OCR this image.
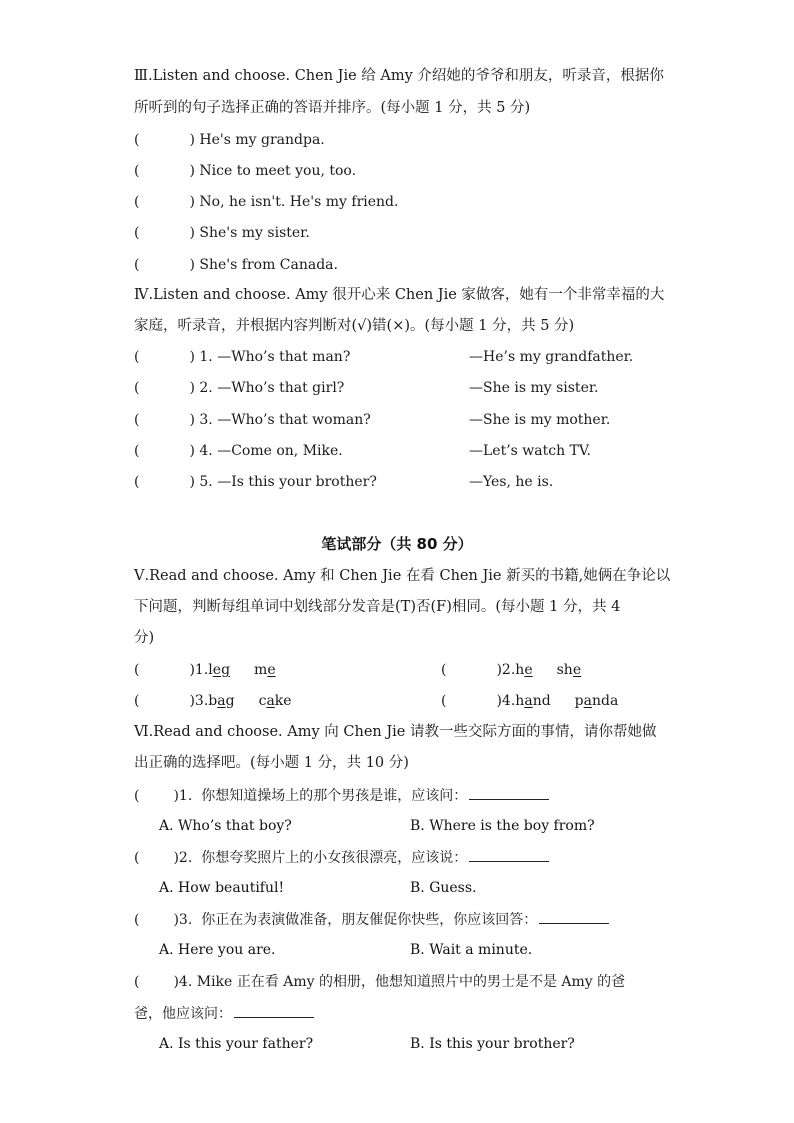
Ⅲ.Listen and choose. Chen Jie 给 Amy 介绍她的爷爷和朋友，听录音，根据你
所听到的句子选择正确的答语并排序。(每小题 1 分，共 5 分)
(	) He's my grandpa.
(	) Nice to meet you, too.
(	) No, he isn't. He's my friend.
(	) She's my sister.
(	) She's from Canada.
Ⅳ.Listen and choose. Amy 很开心来 Chen Jie 家做客，她有一个非常幸福的大
家庭，听录音，并根据内容判断对(√)错(×)。(每小题 1 分，共 5 分)
(	) 1. —Who’s that man?	—He’s my grandfather.
(	) 2. —Who’s that girl?	—She is my sister.
(	) 3. —Who’s that woman?	—She is my mother.
(	) 4. —Come on, Mike.	—Let’s watch TV.
(	) 5. —Is this your brother?	—Yes, he is.
笔试部分（共 80 分）
Ⅴ.Read and choose. Amy 和 Chen Jie 在看 Chen Jie 新买的书籍,她俩在争论以
下问题，判断每组单词中划线部分发音是(T)否(F)相同。(每小题 1 分，共 4
分)
(	)1.leg me	(	)2.he she
(	)3.bag cake	(	)4.hand panda
Ⅵ.Read and choose. Amy 向 Chen Jie 请教一些交际方面的事情，请你帮她做
出正确的选择吧。(每小题 1 分，共 10 分)
( )1. 你想知道操场上的那个男孩是谁，应该问：
A. Who’s that boy?	B. Where is the boy from?
( )2. 你想夸奖照片上的小女孩很漂亮，应该说：
A. How beautiful!	B. Guess.
( )3. 你正在为表演做准备，朋友催促你快些，你应该回答：
A. Here you are.	B. Wait a minute.
( )4. Mike 正在看 Amy 的相册，他想知道照片中的男士是不是 Amy 的爸
爸，他应该问：
A. Is this your father?	B. Is this your brother?
